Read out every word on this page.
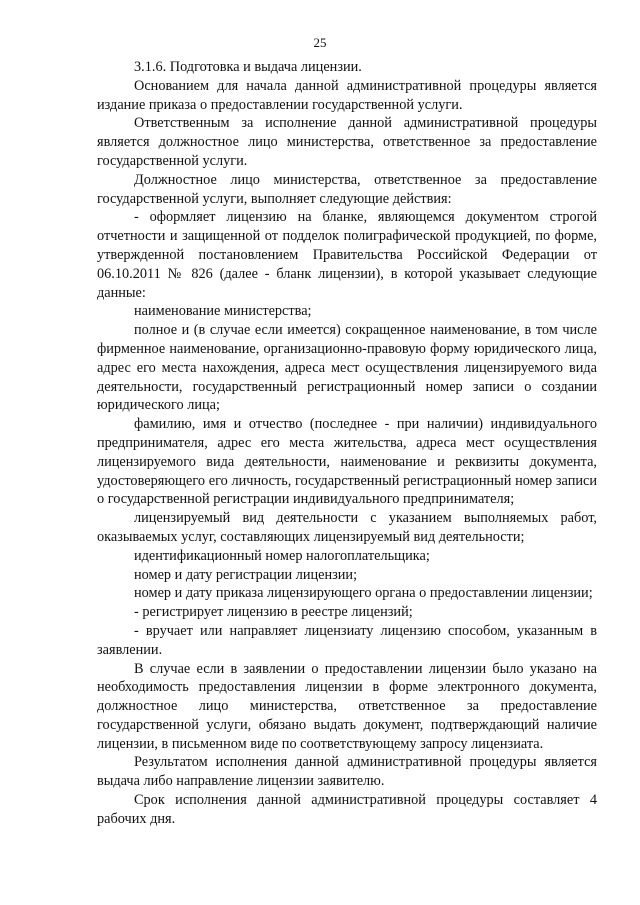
25

3.1.6. Подготовка и выдача лицензии.

Основанием для начала данной административной процедуры является издание приказа о предоставлении государственной услуги.

Ответственным за исполнение данной административной процедуры является должностное лицо министерства, ответственное за предоставление государственной услуги.

Должностное лицо министерства, ответственное за предоставление государственной услуги, выполняет следующие действия:

- оформляет лицензию на бланке, являющемся документом строгой отчетности и защищенной от подделок полиграфической продукцией, по форме, утвержденной постановлением Правительства Российской Федерации от 06.10.2011 № 826 (далее - бланк лицензии), в которой указывает следующие данные:

наименование министерства;

полное и (в случае если имеется) сокращенное наименование, в том числе фирменное наименование, организационно-правовую форму юридического лица, адрес его места нахождения, адреса мест осуществления лицензируемого вида деятельности, государственный регистрационный номер записи о создании юридического лица;

фамилию, имя и отчество (последнее - при наличии) индивидуального предпринимателя, адрес его места жительства, адреса мест осуществления лицензируемого вида деятельности, наименование и реквизиты документа, удостоверяющего его личность, государственный регистрационный номер записи о государственной регистрации индивидуального предпринимателя;

лицензируемый вид деятельности с указанием выполняемых работ, оказываемых услуг, составляющих лицензируемый вид деятельности;

идентификационный номер налогоплательщика;

номер и дату регистрации лицензии;

номер и дату приказа лицензирующего органа о предоставлении лицензии;

- регистрирует лицензию в реестре лицензий;

- вручает или направляет лицензиату лицензию способом, указанным в заявлении.

В случае если в заявлении о предоставлении лицензии было указано на необходимость предоставления лицензии в форме электронного документа, должностное лицо министерства, ответственное за предоставление государственной услуги, обязано выдать документ, подтверждающий наличие лицензии, в письменном виде по соответствующему запросу лицензиата.

Результатом исполнения данной административной процедуры является выдача либо направление лицензии заявителю.

Срок исполнения данной административной процедуры составляет 4 рабочих дня.
